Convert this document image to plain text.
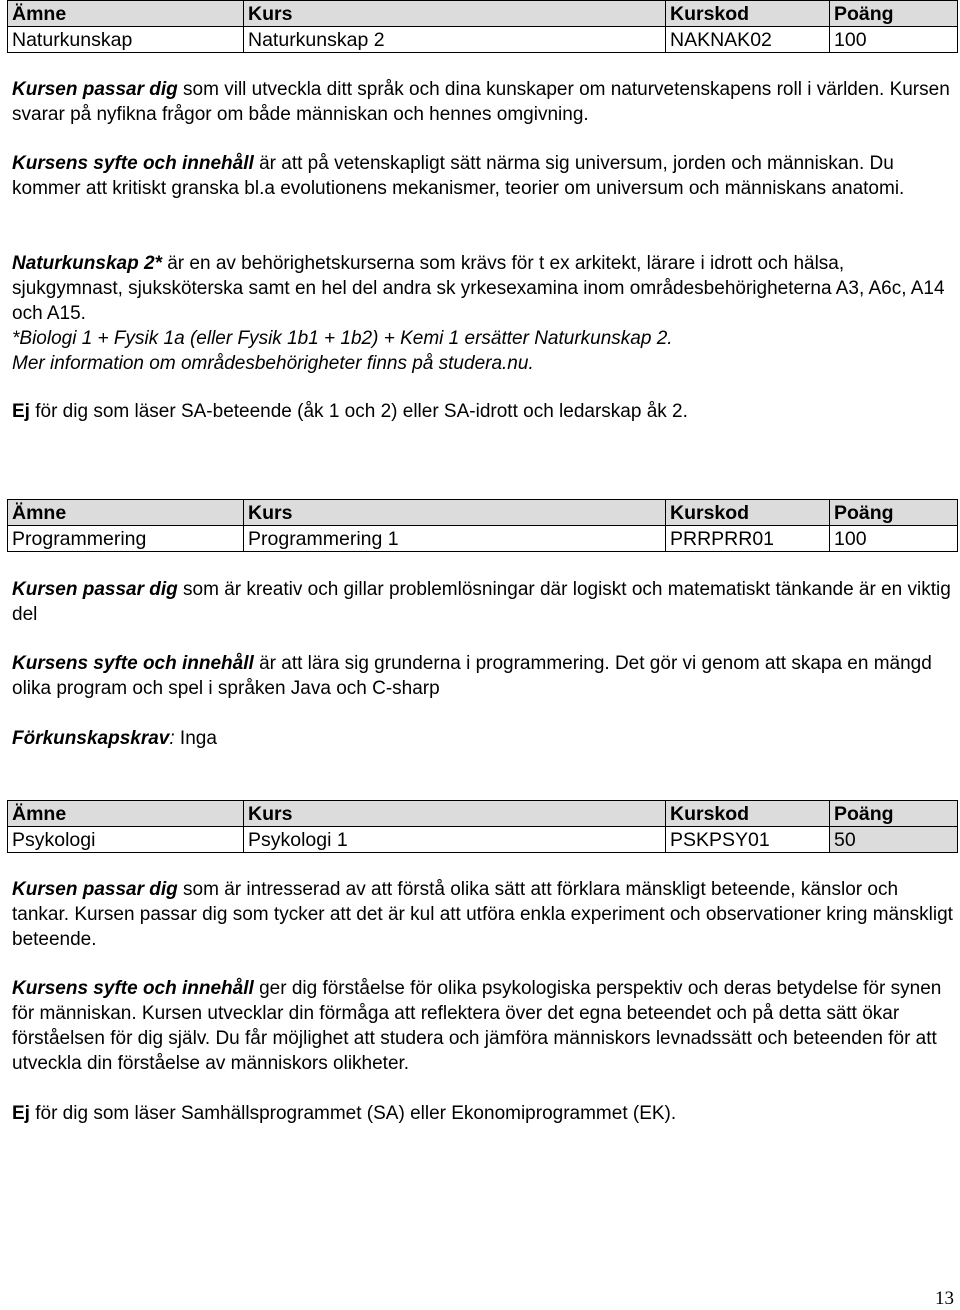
Ämne	Kurs	Kurskod	Poäng
Naturkunskap	Naturkunskap 2	NAKNAK02	100

Kursen passar dig som vill utveckla ditt språk och dina kunskaper om naturvetenskapens roll i världen. Kursen svarar på nyfikna frågor om både människan och hennes omgivning.

Kursens syfte och innehåll är att på vetenskapligt sätt närma sig universum, jorden och människan. Du kommer att kritiskt granska bl.a evolutionens mekanismer, teorier om universum och människans anatomi.

Naturkunskap 2* är en av behörighetskurserna som krävs för t ex arkitekt, lärare i idrott och hälsa, sjukgymnast, sjuksköterska samt en hel del andra sk yrkesexamina inom områdesbehörigheterna A3, A6c, A14 och A15.
*Biologi 1 + Fysik 1a (eller Fysik 1b1 + 1b2) + Kemi 1 ersätter Naturkunskap 2.
Mer information om områdesbehörigheter finns på studera.nu.

Ej för dig som läser SA-beteende (åk 1 och 2) eller SA-idrott och ledarskap åk 2.

Ämne	Kurs	Kurskod	Poäng
Programmering	Programmering 1	PRRPRR01	100

Kursen passar dig som är kreativ och gillar problemlösningar där logiskt och matematiskt tänkande är en viktig del

Kursens syfte och innehåll är att lära sig grunderna i programmering. Det gör vi genom att skapa en mängd olika program och spel i språken Java och C-sharp

Förkunskapskrav: Inga

Ämne	Kurs	Kurskod	Poäng
Psykologi	Psykologi 1	PSKPSY01	50

Kursen passar dig som är intresserad av att förstå olika sätt att förklara mänskligt beteende, känslor och tankar. Kursen passar dig som tycker att det är kul att utföra enkla experiment och observationer kring mänskligt beteende.

Kursens syfte och innehåll ger dig förståelse för olika psykologiska perspektiv och deras betydelse för synen för människan. Kursen utvecklar din förmåga att reflektera över det egna beteendet och på detta sätt ökar förståelsen för dig själv. Du får möjlighet att studera och jämföra människors levnadssätt och beteenden för att utveckla din förståelse av människors olikheter.

Ej för dig som läser Samhällsprogrammet (SA) eller Ekonomiprogrammet (EK).

13
